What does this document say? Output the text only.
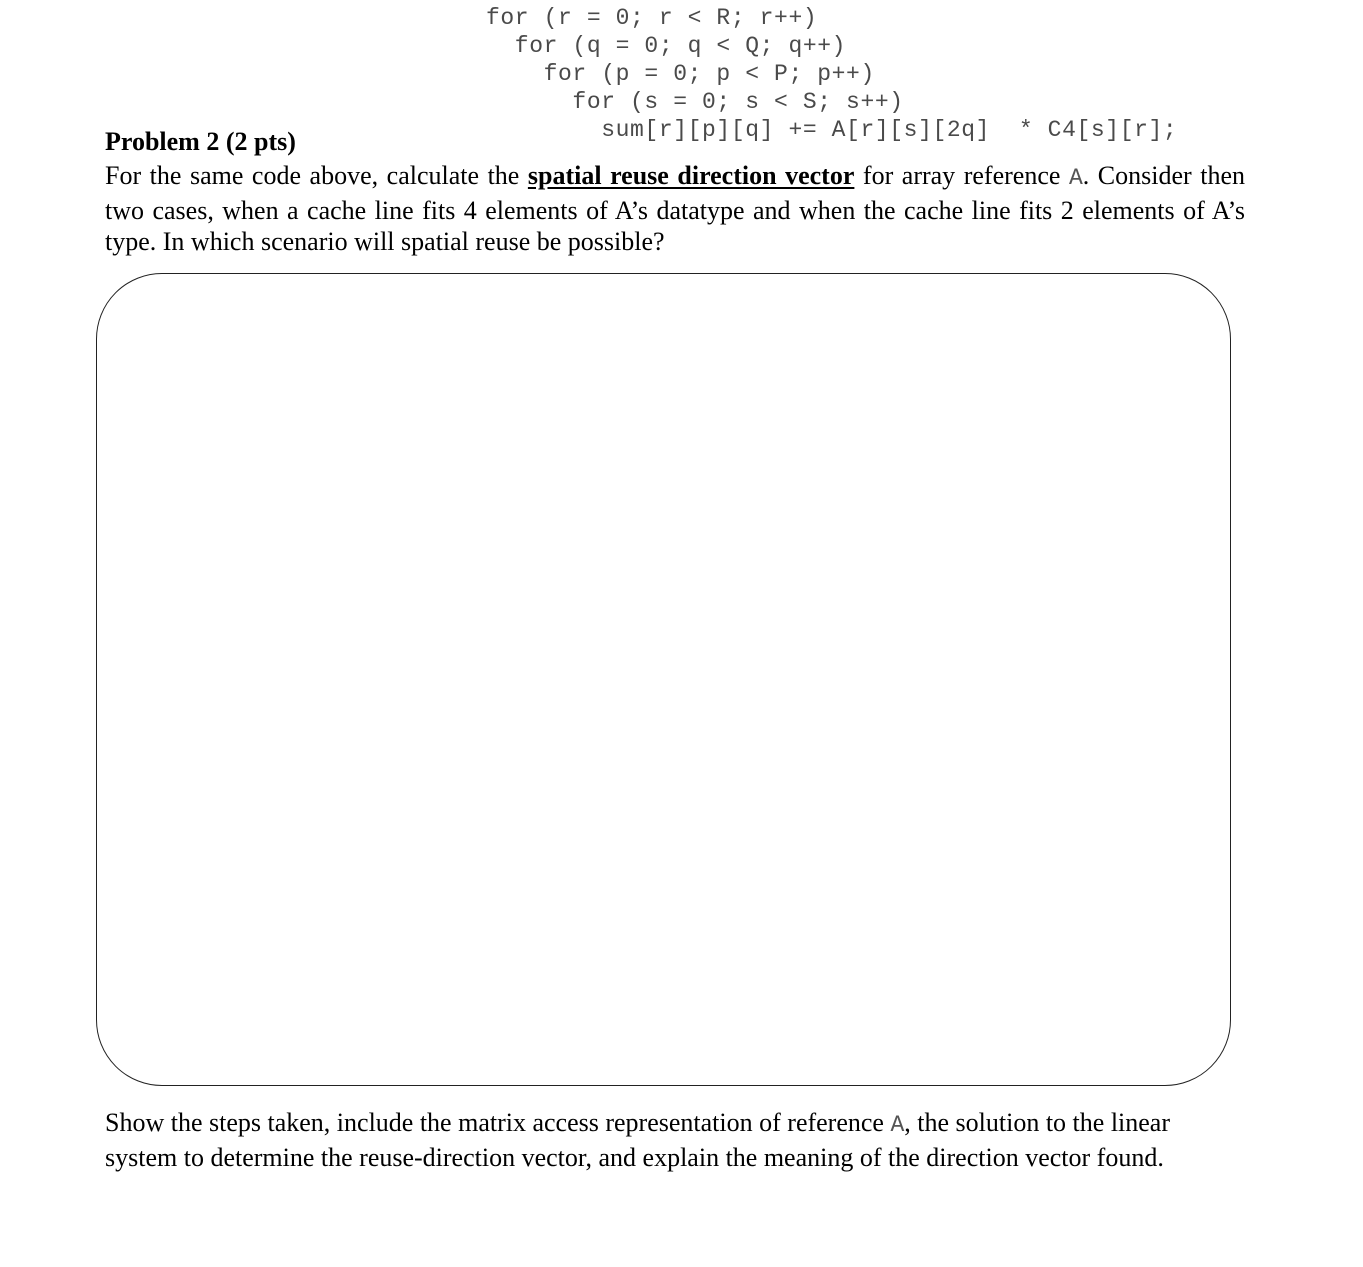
for (r = 0; r < R; r++)
for (q = 0; q < Q; q++)
for (p = 0; p < P; p++)
for (s = 0; s < S; s++)
sum[r][p][q] += A[r][s][2q]  * C4[s][r];
Problem 2 (2 pts)
For the same code above, calculate the spatial reuse direction vector for array reference A. Consider then two cases, when a cache line fits 4 elements of A’s datatype and when the cache line fits 2 elements of A’s type. In which scenario will spatial reuse be possible?
Show the steps taken, include the matrix access representation of reference A, the solution to the linear system to determine the reuse-direction vector, and explain the meaning of the direction vector found.
